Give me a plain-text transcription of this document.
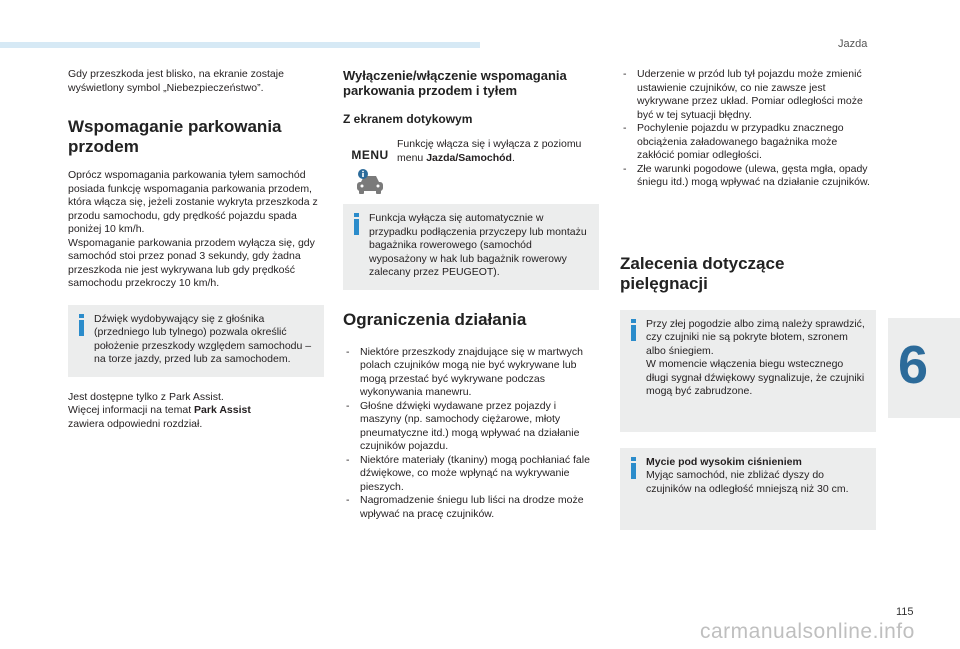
Jazda
6
115
carmanualsonline.info

Gdy przeszkoda jest blisko, na ekranie zostaje wyświetlony symbol „Niebezpieczeństwo”.

Wspomaganie parkowania przodem

Oprócz wspomagania parkowania tyłem samochód posiada funkcję wspomagania parkowania przodem, która włącza się, jeżeli zostanie wykryta przeszkoda z przodu samochodu, gdy prędkość pojazdu spada poniżej 10 km/h.

Wspomaganie parkowania przodem wyłącza się, gdy samochód stoi przez ponad 3 sekundy, gdy żadna przeszkoda nie jest wykrywana lub gdy prędkość samochodu przekroczy 10 km/h.

Dźwięk wydobywający się z głośnika (przedniego lub tylnego) pozwala określić położenie przeszkody względem samochodu – na torze jazdy, przed lub za samochodem.

Jest dostępne tylko z Park Assist.

Więcej informacji na temat Park Assist

zawiera odpowiedni rozdział.

Wyłączenie/włączenie wspomagania parkowania przodem i tyłem
Z ekranem dotykowym
MENU

Funkcję włącza się i wyłącza z poziomu menu Jazda/Samochód.

Funkcja wyłącza się automatycznie w przypadku podłączenia przyczepy lub montażu bagażnika rowerowego (samochód wyposażony w hak lub bagażnik rowerowy zalecany przez PEUGEOT).
Ograniczenia działania
- Niektóre przeszkody znajdujące się w martwych polach czujników mogą nie być wykrywane lub mogą przestać być wykrywane podczas wykonywania manewru.
- Głośne dźwięki wydawane przez pojazdy i maszyny (np. samochody ciężarowe, młoty pneumatyczne itd.) mogą wpływać na działanie czujników pojazdu.
- Niektóre materiały (tkaniny) mogą pochłaniać fale dźwiękowe, co może wpłynąć na wykrywanie pieszych.
- Nagromadzenie śniegu lub liści na drodze może wpływać na pracę czujników.
- Uderzenie w przód lub tył pojazdu może zmienić ustawienie czujników, co nie zawsze jest wykrywane przez układ. Pomiar odległości może być w tej sytuacji błędny.
- Pochylenie pojazdu w przypadku znacznego obciążenia załadowanego bagażnika może zakłócić pomiar odległości.
- Złe warunki pogodowe (ulewa, gęsta mgła, opady śniegu itd.) mogą wpływać na działanie czujników.
Zalecenia dotyczące pielęgnacji
Przy złej pogodzie albo zimą należy sprawdzić, czy czujniki nie są pokryte błotem, szronem albo śniegiem.
W momencie włączenia biegu wstecznego długi sygnał dźwiękowy sygnalizuje, że czujniki mogą być zabrudzone.
Mycie pod wysokim ciśnieniem
Myjąc samochód, nie zbliżać dyszy do czujników na odległość mniejszą niż 30 cm.
